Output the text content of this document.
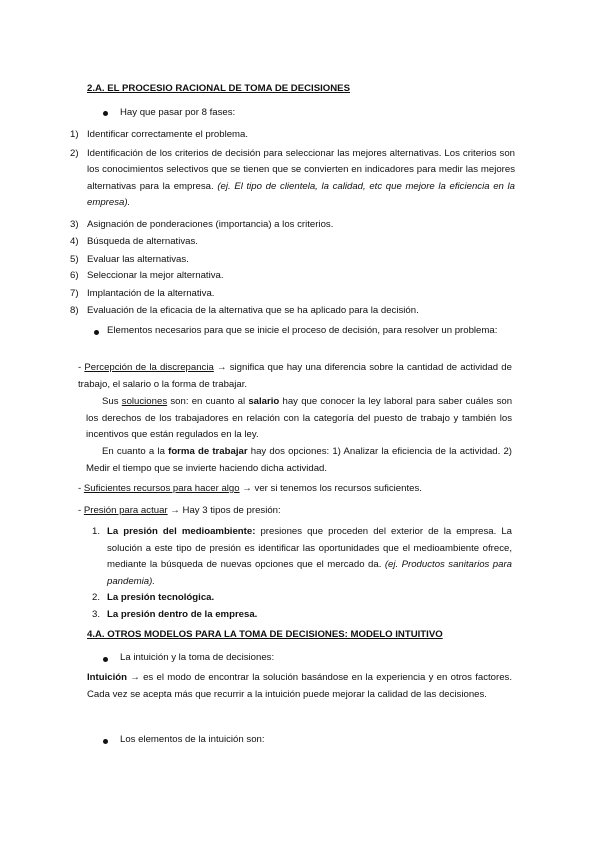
2.A. EL PROCESIO RACIONAL DE TOMA DE DECISIONES
Hay que pasar por 8 fases:
1) Identificar correctamente el problema.
2) Identificación de los criterios de decisión para seleccionar las mejores alternativas. Los criterios son los conocimientos selectivos que se tienen que se convierten en indicadores para medir las mejores alternativas para la empresa. (ej. El tipo de clientela, la calidad, etc que mejore la eficiencia en la empresa).
3) Asignación de ponderaciones (importancia) a los criterios.
4) Búsqueda de alternativas.
5) Evaluar las alternativas.
6) Seleccionar la mejor alternativa.
7) Implantación de la alternativa.
8) Evaluación de la eficacia de la alternativa que se ha aplicado para la decisión.
Elementos necesarios para que se inicie el proceso de decisión, para resolver un problema:
- Percepción de la discrepancia → significa que hay una diferencia sobre la cantidad de actividad de trabajo, el salario o la forma de trabajar.
Sus soluciones son: en cuanto al salario hay que conocer la ley laboral para saber cuáles son los derechos de los trabajadores en relación con la categoría del puesto de trabajo y también los incentivos que están regulados en la ley.
En cuanto a la forma de trabajar hay dos opciones: 1) Analizar la eficiencia de la actividad. 2) Medir el tiempo que se invierte haciendo dicha actividad.
- Suficientes recursos para hacer algo → ver si tenemos los recursos suficientes.
- Presión para actuar → Hay 3 tipos de presión:
1. La presión del medioambiente: presiones que proceden del exterior de la empresa. La solución a este tipo de presión es identificar las oportunidades que el medioambiente ofrece, mediante la búsqueda de nuevas opciones que el mercado da. (ej. Productos sanitarios para pandemia).
2. La presión tecnológica.
3. La presión dentro de la empresa.
4.A. OTROS MODELOS PARA LA TOMA DE DECISIONES: MODELO INTUITIVO
La intuición y la toma de decisiones:
Intuición → es el modo de encontrar la solución basándose en la experiencia y en otros factores. Cada vez se acepta más que recurrir a la intuición puede mejorar la calidad de las decisiones.
Los elementos de la intuición son:
